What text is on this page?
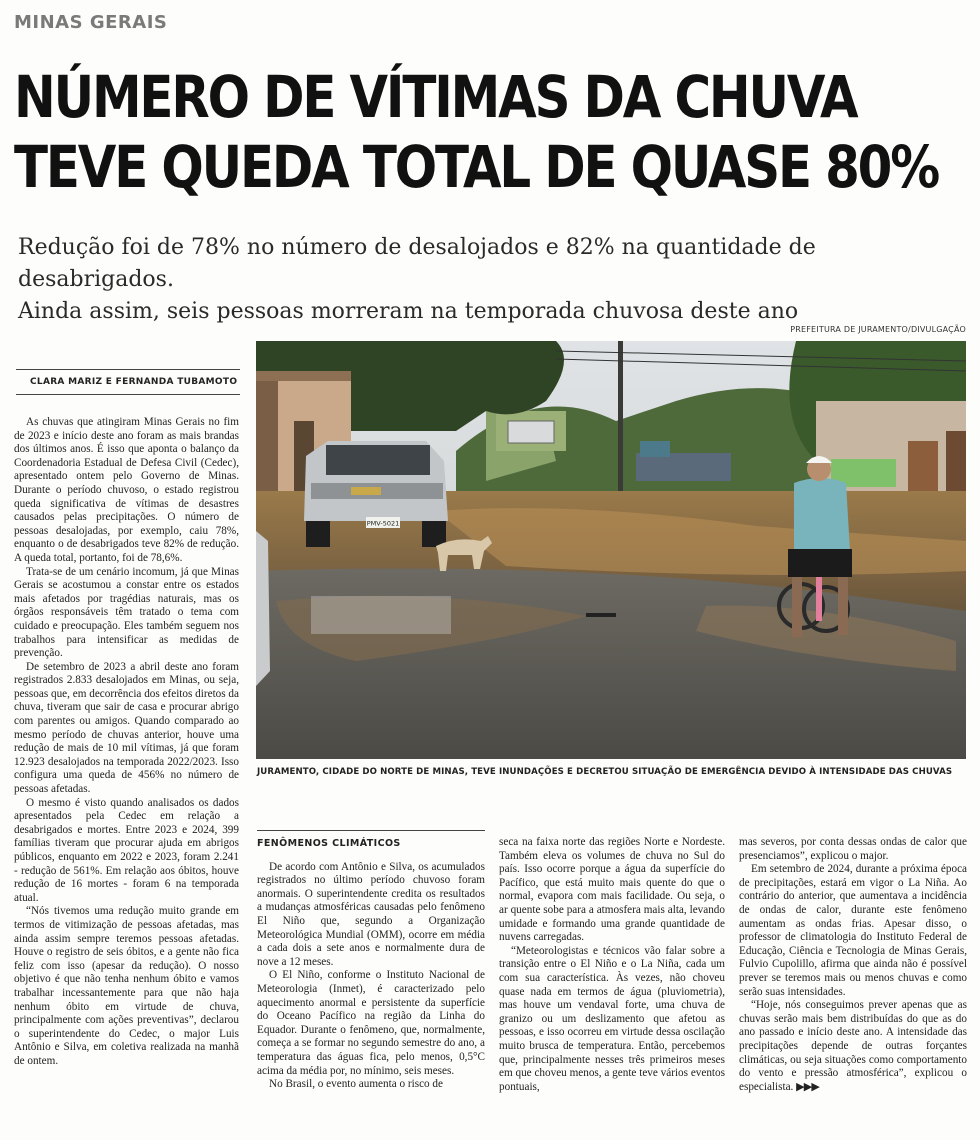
MINAS GERAIS
NÚMERO DE VÍTIMAS DA CHUVA
TEVE QUEDA TOTAL DE QUASE 80%
Redução foi de 78% no número de desalojados e 82% na quantidade de desabrigados.
Ainda assim, seis pessoas morreram na temporada chuvosa deste ano
PREFEITURA DE JURAMENTO/DIVULGAÇÃO
CLARA MARIZ E FERNANDA TUBAMOTO

As chuvas que atingiram Minas Gerais no fim de 2023 e início deste ano foram as mais brandas dos últimos anos. É isso que aponta o balanço da Coordenadoria Estadual de Defesa Civil (Cedec), apresentado ontem pelo Governo de Minas. Durante o período chuvoso, o estado registrou queda significativa de vítimas de desastres causados pelas precipitações. O número de pessoas desalojadas, por exemplo, caiu 78%, enquanto o de desabrigados teve 82% de redução. A queda total, portanto, foi de 78,6%.

Trata-se de um cenário incomum, já que Minas Gerais se acostumou a constar entre os estados mais afetados por tragédias naturais, mas os órgãos responsáveis têm tratado o tema com cuidado e preocupação. Eles também seguem nos trabalhos para intensificar as medidas de prevenção.

De setembro de 2023 a abril deste ano foram registrados 2.833 desalojados em Minas, ou seja, pessoas que, em decorrência dos efeitos diretos da chuva, tiveram que sair de casa e procurar abrigo com parentes ou amigos. Quando comparado ao mesmo período de chuvas anterior, houve uma redução de mais de 10 mil vítimas, já que foram 12.923 desalojados na temporada 2022/2023. Isso configura uma queda de 456% no número de pessoas afetadas.

O mesmo é visto quando analisados os dados apresentados pela Cedec em relação a desabrigados e mortes. Entre 2023 e 2024, 399 famílias tiveram que procurar ajuda em abrigos públicos, enquanto em 2022 e 2023, foram 2.241 - redução de 561%. Em relação aos óbitos, houve redução de 16 mortes - foram 6 na temporada atual.

“Nós tivemos uma redução muito grande em termos de vitimização de pessoas afetadas, mas ainda assim sempre teremos pessoas afetadas. Houve o registro de seis óbitos, e a gente não fica feliz com isso (apesar da redução). O nosso objetivo é que não tenha nenhum óbito e vamos trabalhar incessantemente para que não haja nenhum óbito em virtude de chuva, principalmente com ações preventivas”, declarou o superintendente do Cedec, o major Luis Antônio e Silva, em coletiva realizada na manhã de ontem.

PMV-5021
JURAMENTO, CIDADE DO NORTE DE MINAS, TEVE INUNDAÇÕES E DECRETOU SITUAÇÃO DE EMERGÊNCIA DEVIDO À INTENSIDADE DAS CHUVAS
FENÔMENOS CLIMÁTICOS

De acordo com Antônio e Silva, os acumulados registrados no último período chuvoso foram anormais. O superintendente credita os resultados a mudanças atmosféricas causadas pelo fenômeno El Niño que, segundo a Organização Meteorológica Mundial (OMM), ocorre em média a cada dois a sete anos e normalmente dura de nove a 12 meses.

O El Niño, conforme o Instituto Nacional de Meteorologia (Inmet), é caracterizado pelo aquecimento anormal e persistente da superfície do Oceano Pacífico na região da Linha do Equador. Durante o fenômeno, que, normalmente, começa a se formar no segundo semestre do ano, a temperatura das águas fica, pelo menos, 0,5°C acima da média por, no mínimo, seis meses.

No Brasil, o evento aumenta o risco de

seca na faixa norte das regiões Norte e Nordeste. Também eleva os volumes de chuva no Sul do país. Isso ocorre porque a água da superfície do Pacífico, que está muito mais quente do que o normal, evapora com mais facilidade. Ou seja, o ar quente sobe para a atmosfera mais alta, levando umidade e formando uma grande quantidade de nuvens carregadas.

“Meteorologistas e técnicos vão falar sobre a transição entre o El Niño e o La Niña, cada um com sua característica. Às vezes, não choveu quase nada em termos de água (pluviometria), mas houve um vendaval forte, uma chuva de granizo ou um deslizamento que afetou as pessoas, e isso ocorreu em virtude dessa oscilação muito brusca de temperatura. Então, percebemos que, principalmente nesses três primeiros meses em que choveu menos, a gente teve vários eventos pontuais,

mas severos, por conta dessas ondas de calor que presenciamos”, explicou o major.

Em setembro de 2024, durante a próxima época de precipitações, estará em vigor o La Niña. Ao contrário do anterior, que aumentava a incidência de ondas de calor, durante este fenômeno aumentam as ondas frias. Apesar disso, o professor de climatologia do Instituto Federal de Educação, Ciência e Tecnologia de Minas Gerais, Fulvio Cupolillo, afirma que ainda não é possível prever se teremos mais ou menos chuvas e como serão suas intensidades.

“Hoje, nós conseguimos prever apenas que as chuvas serão mais bem distribuídas do que as do ano passado e início deste ano. A intensidade das precipitações depende de outras forçantes climáticas, ou seja situações como comportamento do vento e pressão atmosférica”, explicou o especialista. ▶▶▶
